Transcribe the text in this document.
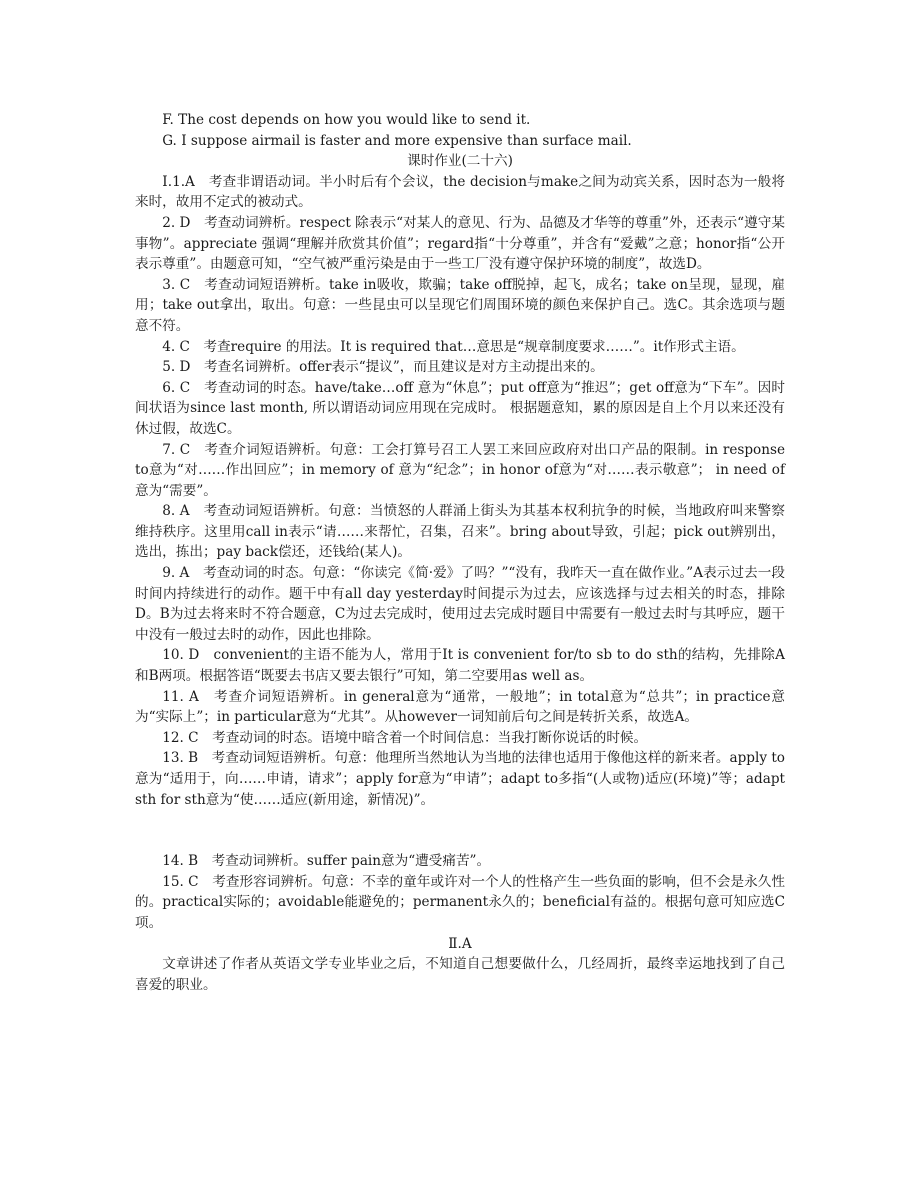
F. The cost depends on how you would like to send it.

G. I suppose airmail is faster and more expensive than surface mail.

课时作业(二十六)

Ⅰ.1.A　考查非谓语动词。半小时后有个会议，the decision与make之间为动宾关系，因时态为一般将来时，故用不定式的被动式。

2. D　考查动词辨析。respect 除表示“对某人的意见、行为、品德及才华等的尊重”外，还表示“遵守某事物”。appreciate 强调“理解并欣赏其价值”；regard指“十分尊重”，并含有“爱戴”之意；honor指“公开表示尊重”。由题意可知，“空气被严重污染是由于一些工厂没有遵守保护环境的制度”，故选D。

3. C　考查动词短语辨析。take in吸收，欺骗；take off脱掉，起飞，成名；take on呈现，显现，雇用；take out拿出，取出。句意：一些昆虫可以呈现它们周围环境的颜色来保护自己。选C。其余选项与题意不符。

4. C　考查require 的用法。It is required that…意思是“规章制度要求……”。it作形式主语。

5. D　考查名词辨析。offer表示“提议”，而且建议是对方主动提出来的。

6. C　考查动词的时态。have/take…off 意为“休息”；put off意为“推迟”；get off意为“下车”。因时间状语为since last month, 所以谓语动词应用现在完成时。 根据题意知，累的原因是自上个月以来还没有休过假，故选C。

7. C　考查介词短语辨析。句意：工会打算号召工人罢工来回应政府对出口产品的限制。in response to意为“对……作出回应”；in memory of 意为“纪念”；in honor of意为“对……表示敬意”； in need of意为“需要”。

8. A　考查动词短语辨析。句意：当愤怒的人群涌上街头为其基本权利抗争的时候，当地政府叫来警察维持秩序。这里用call in表示“请……来帮忙，召集，召来”。bring about导致，引起；pick out辨别出，选出，拣出；pay back偿还，还钱给(某人)。

9. A　考查动词的时态。句意：“你读完《简·爱》了吗？”“没有，我昨天一直在做作业。”A表示过去一段时间内持续进行的动作。题干中有all day yesterday时间提示为过去，应该选择与过去相关的时态，排除D。B为过去将来时不符合题意，C为过去完成时，使用过去完成时题目中需要有一般过去时与其呼应，题干中没有一般过去时的动作，因此也排除。

10. D　convenient的主语不能为人，常用于It is convenient for/to sb to do sth的结构，先排除A和B两项。根据答语“既要去书店又要去银行”可知，第二空要用as well as。

11. A　考查介词短语辨析。in general意为“通常，一般地”；in total意为“总共”；in practice意为“实际上”；in particular意为“尤其”。从however一词知前后句之间是转折关系，故选A。

12. C　考查动词的时态。语境中暗含着一个时间信息：当我打断你说话的时候。

13. B　考查动词短语辨析。句意：他理所当然地认为当地的法律也适用于像他这样的新来者。apply to意为“适用于，向……申请，请求”；apply for意为“申请”；adapt to多指“(人或物)适应(环境)”等；adapt sth for sth意为“使……适应(新用途，新情况)”。

14. B　考查动词辨析。suffer pain意为“遭受痛苦”。

15. C　考查形容词辨析。句意：不幸的童年或许对一个人的性格产生一些负面的影响，但不会是永久性的。practical实际的；avoidable能避免的；permanent永久的；beneficial有益的。根据句意可知应选C项。

Ⅱ.A

文章讲述了作者从英语文学专业毕业之后，不知道自己想要做什么，几经周折，最终幸运地找到了自己喜爱的职业。
